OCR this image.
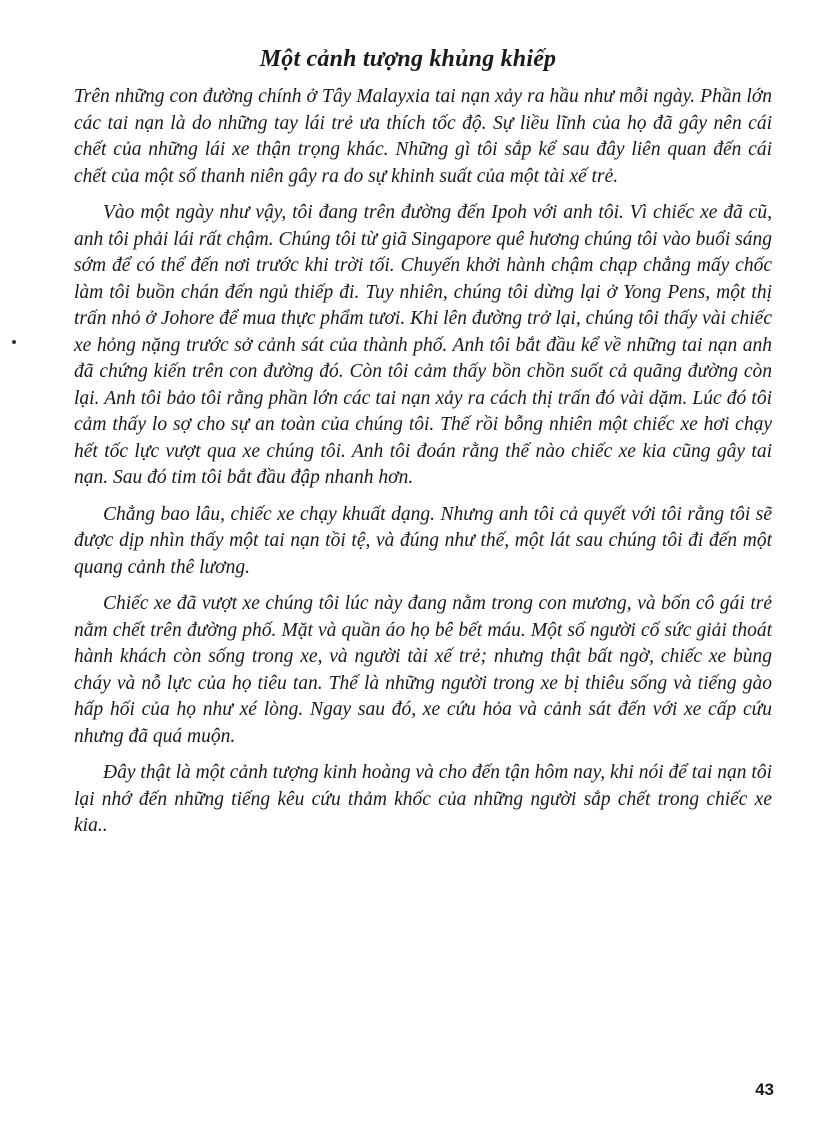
Một cảnh tượng khủng khiếp

Trên những con đường chính ở Tây Malayxia tai nạn xảy ra hầu như mỗi ngày. Phần lớn các tai nạn là do những tay lái trẻ ưa thích tốc độ. Sự liều lĩnh của họ đã gây nên cái chết của những lái xe thận trọng khác. Những gì tôi sắp kể sau đây liên quan đến cái chết của một số thanh niên gây ra do sự khinh suất của một tài xế trẻ.

Vào một ngày như vậy, tôi đang trên đường đến Ipoh với anh tôi. Vì chiếc xe đã cũ, anh tôi phải lái rất chậm. Chúng tôi từ giã Singapore quê hương chúng tôi vào buổi sáng sớm để có thể đến nơi trước khi trời tối. Chuyến khởi hành chậm chạp chẳng mấy chốc làm tôi buồn chán đến ngủ thiếp đi. Tuy nhiên, chúng tôi dừng lại ở Yong Pens, một thị trấn nhỏ ở Johore để mua thực phẩm tươi. Khi lên đường trở lại, chúng tôi thấy vài chiếc xe hỏng nặng trước sở cảnh sát của thành phố. Anh tôi bắt đầu kể về những tai nạn anh đã chứng kiến trên con đường đó. Còn tôi cảm thấy bồn chồn suốt cả quãng đường còn lại. Anh tôi bảo tôi rằng phần lớn các tai nạn xảy ra cách thị trấn đó vài dặm. Lúc đó tôi cảm thấy lo sợ cho sự an toàn của chúng tôi. Thế rồi bỗng nhiên một chiếc xe hơi chạy hết tốc lực vượt qua xe chúng tôi. Anh tôi đoán rằng thế nào chiếc xe kia cũng gây tai nạn. Sau đó tim tôi bắt đầu đập nhanh hơn.

Chẳng bao lâu, chiếc xe chạy khuất dạng. Nhưng anh tôi cả quyết với tôi rằng tôi sẽ được dịp nhìn thấy một tai nạn tồi tệ, và đúng như thế, một lát sau chúng tôi đi đến một quang cảnh thê lương.

Chiếc xe đã vượt xe chúng tôi lúc này đang nằm trong con mương, và bốn cô gái trẻ nằm chết trên đường phố. Mặt và quần áo họ bê bết máu. Một số người cố sức giải thoát hành khách còn sống trong xe, và người tài xế trẻ; nhưng thật bất ngờ, chiếc xe bùng cháy và nỗ lực của họ tiêu tan. Thế là những người trong xe bị thiêu sống và tiếng gào hấp hối của họ như xé lòng. Ngay sau đó, xe cứu hỏa và cảnh sát đến với xe cấp cứu nhưng đã quá muộn.

Đây thật là một cảnh tượng kinh hoàng và cho đến tận hôm nay, khi nói để tai nạn tôi lại nhớ đến những tiếng kêu cứu thảm khốc của những người sắp chết trong chiếc xe kia..

43
